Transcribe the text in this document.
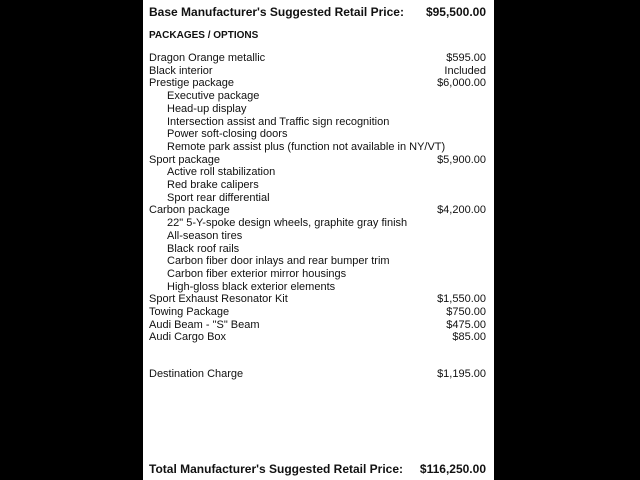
Base Manufacturer's Suggested Retail Price: $95,500.00
PACKAGES / OPTIONS
Dragon Orange metallic	$595.00
Black interior	Included
Prestige package	$6,000.00
Executive package
Head-up display
Intersection assist and Traffic sign recognition
Power soft-closing doors
Remote park assist plus (function not available in NY/VT)
Sport package	$5,900.00
Active roll stabilization
Red brake calipers
Sport rear differential
Carbon package	$4,200.00
22" 5-Y-spoke design wheels, graphite gray finish
All-season tires
Black roof rails
Carbon fiber door inlays and rear bumper trim
Carbon fiber exterior mirror housings
High-gloss black exterior elements
Sport Exhaust Resonator Kit	$1,550.00
Towing Package	$750.00
Audi Beam - "S" Beam	$475.00
Audi Cargo Box	$85.00
Destination Charge	$1,195.00
Total Manufacturer's Suggested Retail Price: $116,250.00
